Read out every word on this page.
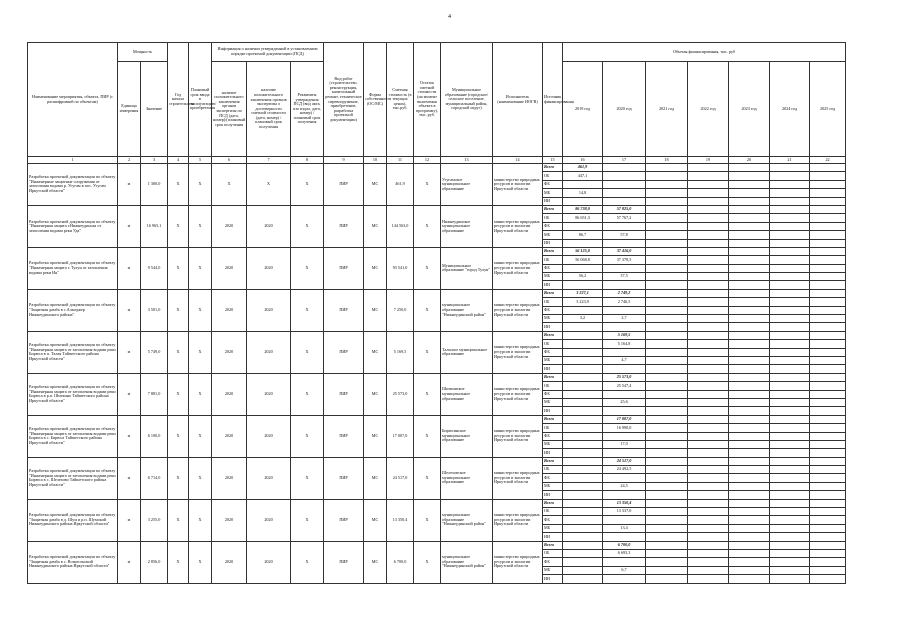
4
Наименование мероприятия, объекта, ПИР (с расшифровкой по объектам)	Мощность		Год начала строительства	Плановый срок ввода в эксплуатацию/приобретения	Информация о наличии утвержденной в установленном порядке проектной документации (ПСД)			Вид работ (строительство, реконструкция, капитальный ремонт, техническое перевооружение, приобретение, разработка проектной документации)	Форма собственности (ОС/МС)	Сметная стоимость (в текущих ценах), тыс.руб.	Остаток сметной стоимости (на момент включения объекта в программу), тыс. руб.	Муниципальное образование (городское/сельское поселение, муниципальный район, городской округ)	Исполнитель (наименование ИОГВ)	Источник финансирования	Объемы финансирования, тыс. руб						
	Единица измерения	Значение			наличие положительного заключения органов экспертизы по ПСД (дата, номер)/(плановый срок получения	наличие положительного заключения органов экспертизы о достоверности сметной стоимости (дата, номер) / плановый срок получения	Реквизиты утверждения ПСД (вид акта, кто издал, дата, номер) / плановый срок получения								2019 год	2020 год	2021 год	2022 год	2023 год	2024 год	2025 год
1	2	3	4	5	6	7	8	9	10	11	12	13	14	15	16	17	18	19	20	21	22
Разработка проектной документации по объекту "Инженерные защитные сооружения от затопления водами р. Угугам в пос. Угугам Иркутской области"	м	1 300,0	Х	Х	Х	Х	Х	ПИР	МС	461,9	Х	Угугамское муниципальное образование	министерство природных ресурсов и экологии Иркутской области	Всего	461,9						
														ОБ	447,1						
														ФБ							
														МБ	14,8						
														ИИ							
Разработка проектной документации по объекту "Инженерная защита г.Нижнеудинска от затопления водами реки Уда"	м	16 965,1	Х	Х	2020	2020	Х	ПИР	МС	144 563,0	Х	Нижнеудинское муниципальное образование	министерство природных ресурсов и экологии Иркутской области	Всего	86 738,0	57 825,0					
														ОБ	86 651,3	57 767,2					
														ФБ							
														МБ	86,7	57,8					
														ИИ							
Разработка проектной документации по объекту "Инженерная защита г. Тулун от затопления водами реки Ия"	м	9 544,0	Х	Х	2020	2020	Х	ПИР	МС	93 541,0	Х	Муниципальное образование "город Тулун"	министерство природных ресурсов и экологии Иркутской области	Всего	56 125,0	37 416,0					
														ОБ	56 068,8	37 378,5					
														ФБ							
														МБ	56,2	37,5					
														ИИ							
Разработка проектной документации по объекту "Защитная дамба в с.Алыгджер Нижнеудинского района"	м	3 501,0	Х	Х	2020	2020	Х	ПИР	МС	7 250,0	Х	муниципальное образование "Нижнеудинский район"	министерство природных ресурсов и экологии Иркутской области	Всего	3 227,1	2 749,2					
														ОБ	3 223,9	2 746,5					
														ФБ							
														МБ	3,2	2,7					
														ИИ							
Разработка проектной документации по объекту "Инженерная защита от затопления водами реки Бирюса в п. Талая Тайшетского района Иркутской области"	м	5 749,0	Х	Х	2020	2020	Х	ПИР	МС	5 169,5	Х	Тальское муниципальное образование	министерство природных ресурсов и экологии Иркутской области	Всего		5 169,5					
														ОБ		5 164,8					
														ФБ							
														МБ		4,7					
														ИИ							
Разработка проектной документации по объекту "Инженерная защита от затопления водами реки Бирюса в р.п. Шиткино Тайшетского района Иркутской области"	м	7 881,0	Х	Х	2020	2020	Х	ПИР	МС	25 573,0	Х	Шиткинское муниципальное образование	министерство природных ресурсов и экологии Иркутской области	Всего		25 573,0					
														ОБ		25 547,4					
														ФБ							
														МБ		25,6					
														ИИ							
Разработка проектной документации по объекту "Инженерная защита от затопления водами реки Бирюса в с. Бирюса Тайшетского района Иркутской области"	м	6 100,0	Х	Х	2020	2020	Х	ПИР	МС	17 007,0	Х	Бирюсинское муниципальное образование	министерство природных ресурсов и экологии Иркутской области	Всего		17 007,0					
														ОБ		16 990,0					
														ФБ							
														МБ		17,0					
														ИИ							
Разработка проектной документации по объекту "Инженерная защита от затопления водами реки Бирюса в с. Шелехово Тайшетского района Иркутской области"	м	6 714,0	Х	Х	2020	2020	Х	ПИР	МС	24 517,0	Х	Шелеховское муниципальное образование	министерство природных ресурсов и экологии Иркутской области	Всего		24 517,0					
														ОБ		24 492,5					
														ФБ							
														МБ		24,5					
														ИИ							
Разработка проектной документации по объекту "Защитная дамба в д. Шум и р.п. Шумский Нижнеудинского района Иркутской области"	м	3 255,0	Х	Х	2020	2020	Х	ПИР	МС	13 350,4	Х	муниципальное образование "Нижнеудинский район"	министерство природных ресурсов и экологии Иркутской области	Всего		13 350,4					
														ОБ		13 337,0					
														ФБ							
														МБ		13,4					
														ИИ							
Разработка проектной документации по объекту "Защитная дамба в с. Вознесенский Нижнеудинского района Иркутской области"	м	2 856,0	Х	Х	2020	2020	Х	ПИР	МС	6 700,0	Х	муниципальное образование "Нижнеудинский район"	министерство природных ресурсов и экологии Иркутской области	Всего		6 700,0					
														ОБ		6 693,3					
														ФБ							
														МБ		6,7					
														ИИ							
